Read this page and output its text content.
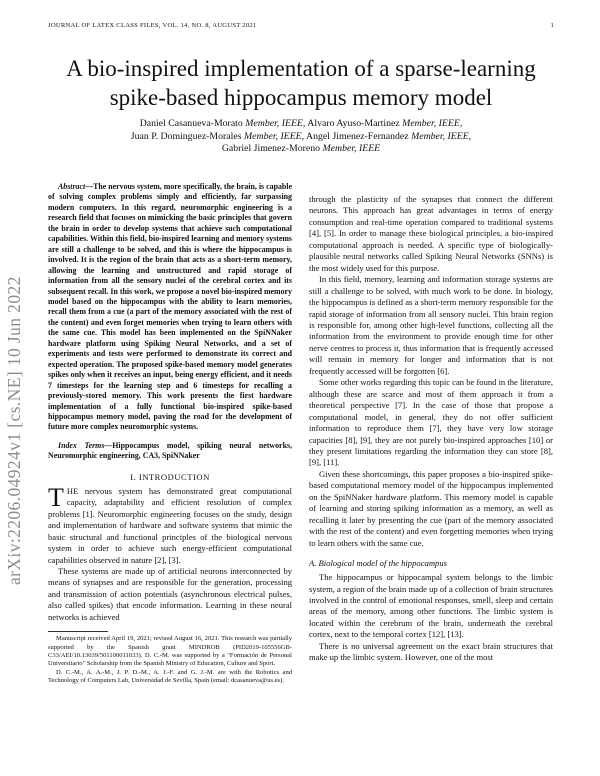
JOURNAL OF LATEX CLASS FILES, VOL. 14, NO. 8, AUGUST 2021	1
arXiv:2206.04924v1 [cs.NE] 10 Jun 2022
A bio-inspired implementation of a sparse-learning spike-based hippocampus memory model
Daniel Casanueva-Morato Member, IEEE, Alvaro Ayuso-Martinez Member, IEEE,
Juan P. Dominguez-Morales Member, IEEE, Angel Jimenez-Fernandez Member, IEEE,
Gabriel Jimenez-Moreno Member, IEEE

Abstract—The nervous system, more specifically, the brain, is capable of solving complex problems simply and efficiently, far surpassing modern computers. In this regard, neuromorphic engineering is a research field that focuses on mimicking the basic principles that govern the brain in order to develop systems that achieve such computational capabilities. Within this field, bio-inspired learning and memory systems are still a challenge to be solved, and this is where the hippocampus is involved. It is the region of the brain that acts as a short-term memory, allowing the learning and unstructured and rapid storage of information from all the sensory nuclei of the cerebral cortex and its subsequent recall. In this work, we propose a novel bio-inspired memory model based on the hippocampus with the ability to learn memories, recall them from a cue (a part of the memory associated with the rest of the content) and even forget memories when trying to learn others with the same cue. This model has been implemented on the SpiNNaker hardware platform using Spiking Neural Networks, and a set of experiments and tests were performed to demonstrate its correct and expected operation. The proposed spike-based memory model generates spikes only when it receives an input, being energy efficient, and it needs 7 timesteps for the learning step and 6 timesteps for recalling a previously-stored memory. This work presents the first hardware implementation of a fully functional bio-inspired spike-based hippocampus memory model, paving the road for the development of future more complex neuromorphic systems.

Index Terms—Hippocampus model, spiking neural networks, Neuromorphic engineering, CA3, SpiNNaker

I. INTRODUCTION

THE nervous system has demonstrated great computational capacity, adaptability and efficient resolution of complex problems [1]. Neuromorphic engineering focuses on the study, design and implementation of hardware and software systems that mimic the basic structural and functional principles of the biological nervous system in order to achieve such energy-efficient computational capabilities observed in nature [2], [3].

These systems are made up of artificial neurons interconnected by means of synapses and are responsible for the generation, processing and transmission of action potentials (asynchronous electrical pulses, also called spikes) that encode information. Learning in these neural networks is achieved

Manuscript received April 19, 2021; revised August 16, 2021. This research was partially supported by the Spanish grant MINDROB (PID2019-105556GB-C33/AEI/10.13039/501100011033). D. C.-M. was supported by a "Formación de Personal Universitario" Scholarship from the Spanish Ministry of Education, Culture and Sport.

D. C.-M., A. A.-M., J. P. D.-M., A. J.-F. and G. J.-M. are with the Robotics and Technology of Computers Lab, Universidad de Sevilla, Spain (email: dcasanueva@us.es).

through the plasticity of the synapses that connect the different neurons. This approach has great advantages in terms of energy consumption and real-time operation compared to traditional systems [4], [5]. In order to manage these biological principles, a bio-inspired computational approach is needed. A specific type of biologically-plausible neural networks called Spiking Neural Networks (SNNs) is the most widely used for this purpose.

In this field, memory, learning and information storage systems are still a challenge to be solved, with much work to be done. In biology, the hippocampus is defined as a short-term memory responsible for the rapid storage of information from all sensory nuclei. This brain region is responsible for, among other high-level functions, collecting all the information from the environment to provide enough time for other nerve centres to process it, thus information that is frequently accessed will remain in memory for longer and information that is not frequently accessed will be forgotten [6].

Some other works regarding this topic can be found in the literature, although these are scarce and most of them approach it from a theoretical perspective [7]. In the case of those that propose a computational model, in general, they do not offer sufficient information to reproduce them [7], they have very low storage capacities [8], [9], they are not purely bio-inspired approaches [10] or they present limitations regarding the information they can store [8], [9], [11].

Given these shortcomings, this paper proposes a bio-inspired spike-based computational memory model of the hippocampus implemented on the SpiNNaker hardware platform. This memory model is capable of learning and storing spiking information as a memory, as well as recalling it later by presenting the cue (part of the memory associated with the rest of the content) and even forgetting memories when trying to learn others with the same cue.

A. Biological model of the hippocampus

The hippocampus or hippocampal system belongs to the limbic system, a region of the brain made up of a collection of brain structures involved in the control of emotional responses, smell, sleep and certain areas of the memory, among other functions. The limbic system is located within the cerebrum of the brain, underneath the cerebral cortex, next to the temporal cortex [12], [13].

There is no universal agreement on the exact brain structures that make up the limbic system. However, one of the most
